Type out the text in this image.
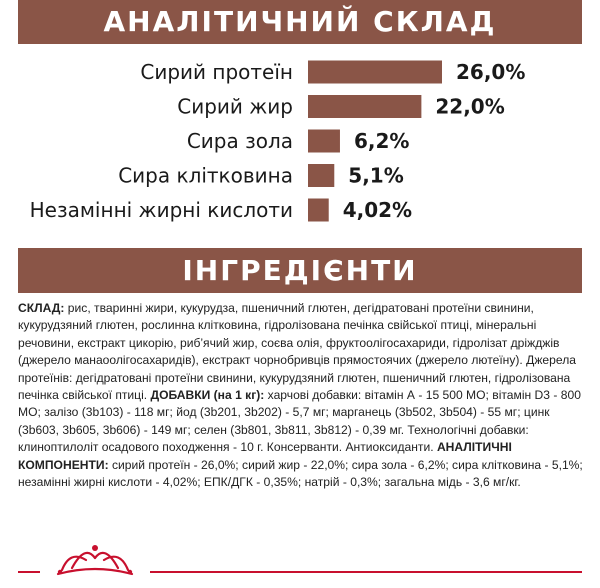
АНАЛІТИЧНИЙ СКЛАД
Сирий протеїн	26,0%
Сирий жир	22,0%
Сира зола	6,2%
Сира клітковина	5,1%
Незамінні жирні кислоти 4,02%
ІНГРЕДІЄНТИ
СКЛАД: рис, тваринні жири, кукурудза, пшеничний глютен, дегідратовані протеїни свинини, кукурудзяний глютен, рослинна клітковина, гідролізована печінка свійської птиці, мінеральні речовини, екстракт цикорію, риб’ячий жир, соєва олія, фруктоолігосахариди, гідролізат дріжджів (джерело манаоолігосахаридів), екстракт чорнобривців прямостоячих (джерело лютеїну). Джерела протеїнів: дегідратовані протеїни свинини, кукурудзяний глютен, пшеничний глютен, гідролізована печінка свійської птиці. ДОБАВКИ (на 1 кг): харчові добавки: вітамін А - 15 500 МО; вітамін D3 - 800 МО; залізо (3b103) - 118 мг; йод (3b201, 3b202) - 5,7 мг; марганець (3b502, 3b504) - 55 мг; цинк (3b603, 3b605, 3b606) - 149 мг; селен (3b801, 3b811, 3b812) - 0,39 мг. Технологічні добавки: клиноптилоліт осадового походження - 10 г. Консерванти. Антиоксиданти. АНАЛІТИЧНІ КОМПОНЕНТИ: сирий протеїн - 26,0%; сирий жир - 22,0%; сира зола - 6,2%; сира клітковина - 5,1%; незамінні жирні кислоти - 4,02%; ЕПК/ДГК - 0,35%; натрій - 0,3%; загальна мідь - 3,6 мг/кг.
